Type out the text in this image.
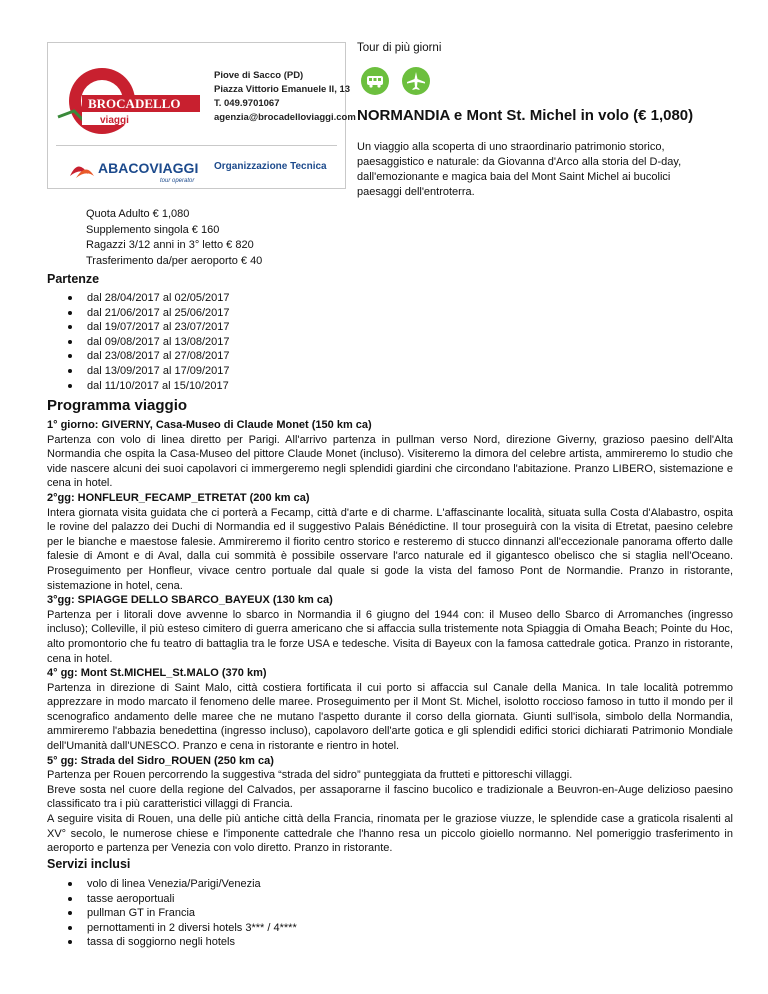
BROCADELLO
viaggi
Piove di Sacco (PD)
Piazza Vittorio Emanuele II, 13
T. 049.9701067
agenzia@brocadelloviaggi.com
ABACOVIAGGI
tour operator
Organizzazione Tecnica
Tour di più giorni

NORMANDIA e Mont St. Michel in volo (€ 1,080)
Un viaggio alla scoperta di uno straordinario patrimonio storico,
paesaggistico e naturale: da Giovanna d'Arco alla storia del D-day,
dall'emozionante e magica baia del Mont Saint Michel ai bucolici
paesaggi dell'entroterra.
Quota Adulto € 1,080
Supplemento singola € 160
Ragazzi 3/12 anni in 3° letto € 820
Trasferimento da/per aeroporto € 40
Partenze
dal 28/04/2017 al 02/05/2017
dal 21/06/2017 al 25/06/2017
dal 19/07/2017 al 23/07/2017
dal 09/08/2017 al 13/08/2017
dal 23/08/2017 al 27/08/2017
dal 13/09/2017 al 17/09/2017
dal 11/10/2017 al 15/10/2017
Programma viaggio
1° giorno: GIVERNY, Casa-Museo di Claude Monet (150 km ca)

Partenza con volo di linea diretto per Parigi. All'arrivo partenza in pullman verso Nord, direzione Giverny, grazioso paesino dell'Alta Normandia che ospita la Casa-Museo del pittore Claude Monet (incluso). Visiteremo la dimora del celebre artista, ammireremo lo studio che vide nascere alcuni dei suoi capolavori ci immergeremo negli splendidi giardini che circondano l'abitazione. Pranzo LIBERO, sistemazione e cena in hotel.

2°gg: HONFLEUR_FECAMP_ETRETAT (200 km ca)

Intera giornata visita guidata che ci porterà a Fecamp, città d'arte e di charme. L'affascinante località, situata sulla Costa d'Alabastro, ospita le rovine del palazzo dei Duchi di Normandia ed il suggestivo Palais Bénédictine. Il tour proseguirà con la visita di Etretat, paesino celebre per le bianche e maestose falesie. Ammireremo il fiorito centro storico e resteremo di stucco dinnanzi all'eccezionale panorama offerto dalle falesie di Amont e di Aval, dalla cui sommità è possibile osservare l'arco naturale ed il gigantesco obelisco che si staglia nell'Oceano. Proseguimento per Honfleur, vivace centro portuale dal quale si gode la vista del famoso Pont de Normandie. Pranzo in ristorante, sistemazione in hotel, cena.

3°gg: SPIAGGE DELLO SBARCO_BAYEUX (130 km ca)

Partenza per i litorali dove avvenne lo sbarco in Normandia il 6 giugno del 1944 con: il Museo dello Sbarco di Arromanches (ingresso incluso); Colleville, il più esteso cimitero di guerra americano che si affaccia sulla tristemente nota Spiaggia di Omaha Beach; Pointe du Hoc, alto promontorio che fu teatro di battaglia tra le forze USA e tedesche. Visita di Bayeux con la famosa cattedrale gotica. Pranzo in ristorante, cena in hotel.

4° gg: Mont St.MICHEL_St.MALO (370 km)

Partenza in direzione di Saint Malo, città costiera fortificata il cui porto si affaccia sul Canale della Manica. In tale località potremmo apprezzare in modo marcato il fenomeno delle maree. Proseguimento per il Mont St. Michel, isolotto roccioso famoso in tutto il mondo per il scenografico andamento delle maree che ne mutano l'aspetto durante il corso della giornata. Giunti sull'isola, simbolo della Normandia, ammireremo l'abbazia benedettina (ingresso incluso), capolavoro dell'arte gotica e gli splendidi edifici storici dichiarati Patrimonio Mondiale dell'Umanità dall'UNESCO. Pranzo e cena in ristorante e rientro in hotel.

5° gg: Strada del Sidro_ROUEN (250 km ca)

Partenza per Rouen percorrendo la suggestiva “strada del sidro” punteggiata da frutteti e pittoreschi villaggi.

Breve sosta nel cuore della regione del Calvados, per assaporarne il fascino bucolico e tradizionale a Beuvron-en-Auge delizioso paesino classificato tra i più caratteristici villaggi di Francia.

A seguire visita di Rouen, una delle più antiche città della Francia, rinomata per le graziose viuzze, le splendide case a graticola risalenti al XV° secolo, le numerose chiese e l'imponente cattedrale che l'hanno resa un piccolo gioiello normanno. Nel pomeriggio trasferimento in aeroporto e partenza per Venezia con volo diretto. Pranzo in ristorante.

Servizi inclusi
volo di linea Venezia/Parigi/Venezia
tasse aeroportuali
pullman GT in Francia
pernottamenti in 2 diversi hotels 3*** / 4****
tassa di soggiorno negli hotels
